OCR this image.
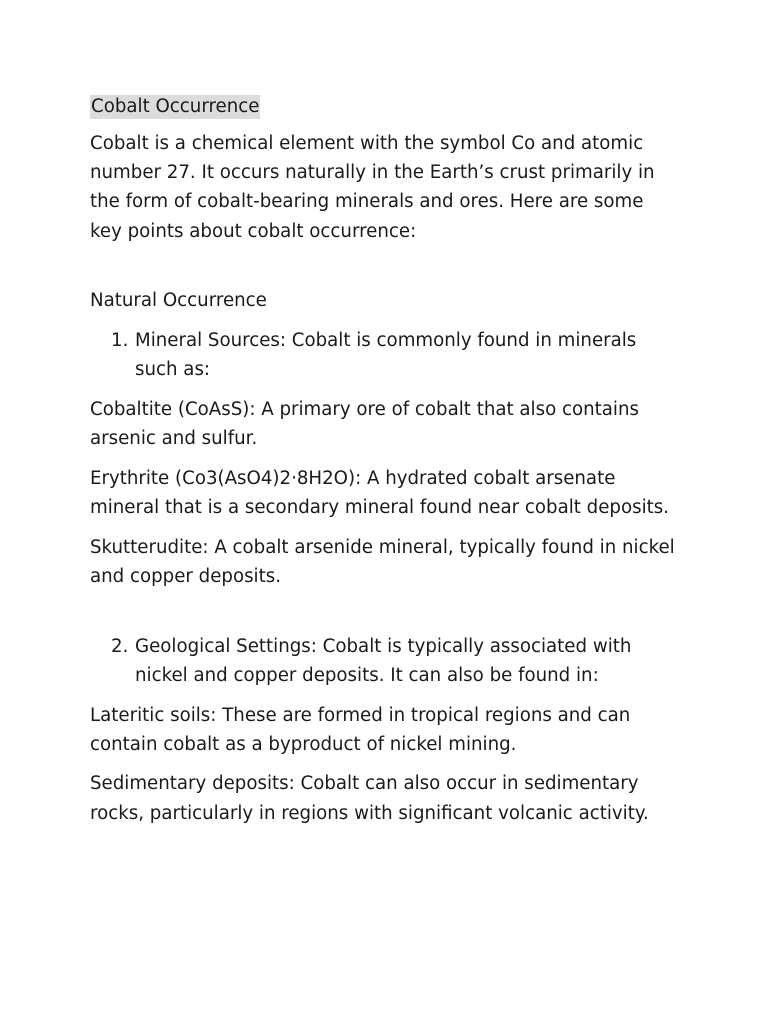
Cobalt Occurrence

Cobalt is a chemical element with the symbol Co and atomic number 27. It occurs naturally in the Earth’s crust primarily in the form of cobalt-bearing minerals and ores. Here are some key points about cobalt occurrence:

Natural Occurrence

1. Mineral Sources: Cobalt is commonly found in minerals such as:

Cobaltite (CoAsS): A primary ore of cobalt that also contains arsenic and sulfur.

Erythrite (Co3(AsO4)2·8H2O): A hydrated cobalt arsenate mineral that is a secondary mineral found near cobalt deposits.

Skutterudite: A cobalt arsenide mineral, typically found in nickel and copper deposits.

2. Geological Settings: Cobalt is typically associated with nickel and copper deposits. It can also be found in:

Lateritic soils: These are formed in tropical regions and can contain cobalt as a byproduct of nickel mining.

Sedimentary deposits: Cobalt can also occur in sedimentary rocks, particularly in regions with significant volcanic activity.
